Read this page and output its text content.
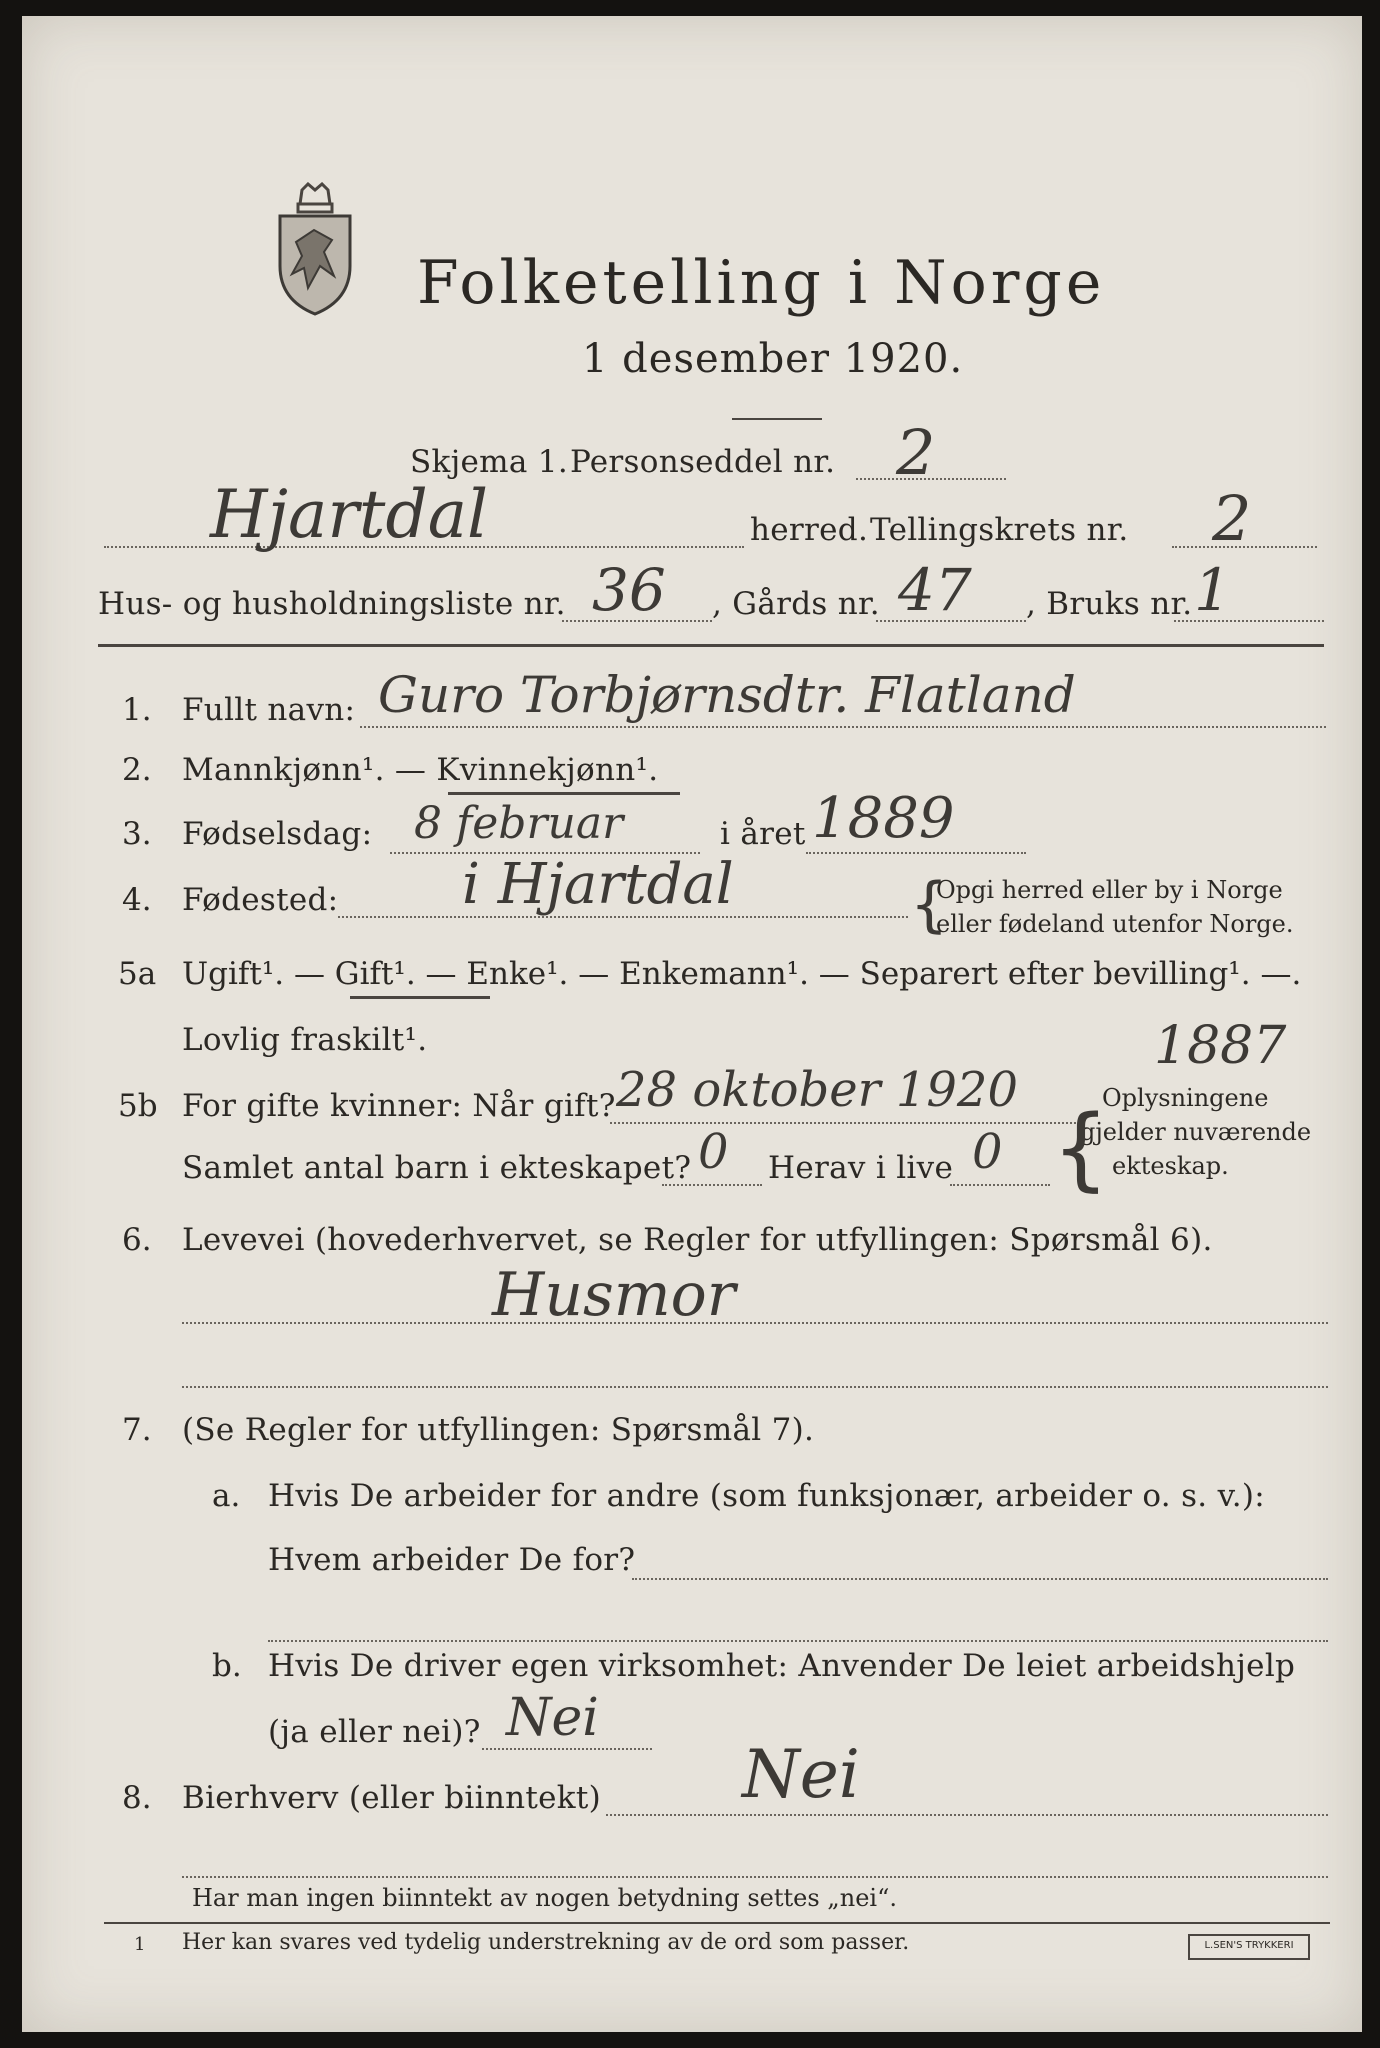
Folketelling i Norge
1 desember 1920.
Skjema 1. Personseddel nr. 2
Hjartdal	herred. Tellingskrets nr. 2
Hus- og husholdningsliste nr. 36 , Gårds nr. 47 , Bruks nr. 1
1. Fullt navn: Guro Torbjørnsdtr. Flatland
2. Mannkjønn¹. — Kvinnekjønn¹.
3. Fødselsdag: 8 februar	i året 1889
4. Fødested: i Hjartdal	{
Opgi herred eller by i Norge
eller fødeland utenfor Norge.
5a Ugift¹. — Gift¹. — Enke¹. — Enkemann¹. — Separert efter bevilling¹. —.
Lovlig fraskilt¹.
5b For gifte kvinner: Når gift? 28 oktober 1920
1887
Oplysningene
gjelder nuværende
ekteskap.
Samlet antal barn i ekteskapet? 0 Herav i live 0 {
6. Levevei (hovederhvervet, se Regler for utfyllingen: Spørsmål 6).
Husmor
7. (Se Regler for utfyllingen: Spørsmål 7).
a. Hvis De arbeider for andre (som funksjonær, arbeider o. s. v.):
Hvem arbeider De for?
b. Hvis De driver egen virksomhet: Anvender De leiet arbeidshjelp
(ja eller nei)? Nei
8. Bierhverv (eller biinntekt) Nei
Har man ingen biinntekt av nogen betydning settes „nei“.
1 Her kan svares ved tydelig understrekning av de ord som passer.	L.SEN'S TRYKKERI
